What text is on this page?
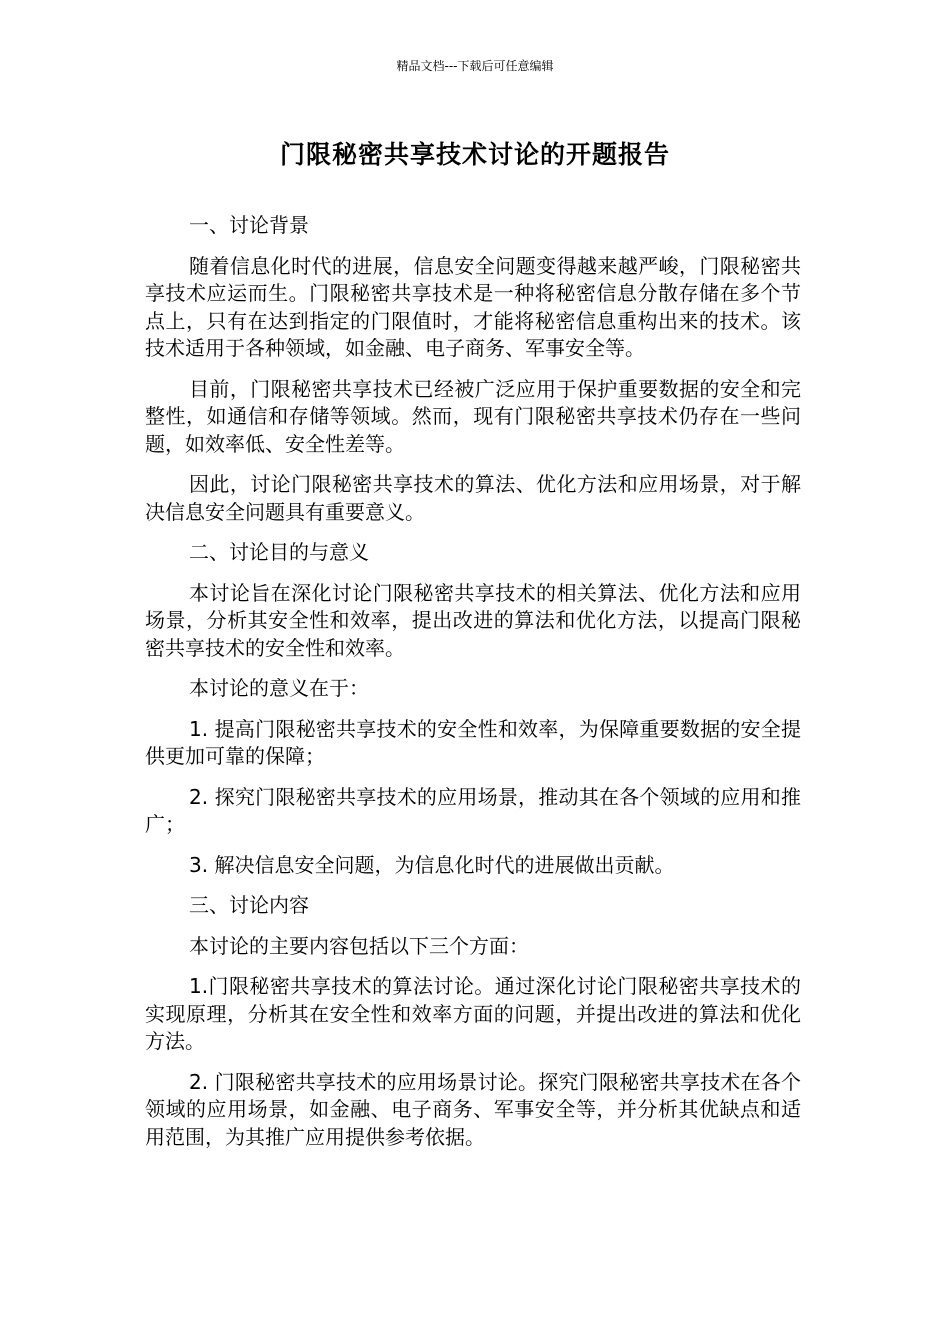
精品文档---下载后可任意编辑
门限秘密共享技术讨论的开题报告

一、讨论背景

随着信息化时代的进展，信息安全问题变得越来越严峻，门限秘密共享技术应运而生。门限秘密共享技术是一种将秘密信息分散存储在多个节点上，只有在达到指定的门限值时，才能将秘密信息重构出来的技术。该技术适用于各种领域，如金融、电子商务、军事安全等。

目前，门限秘密共享技术已经被广泛应用于保护重要数据的安全和完整性，如通信和存储等领域。然而，现有门限秘密共享技术仍存在一些问题，如效率低、安全性差等。

因此，讨论门限秘密共享技术的算法、优化方法和应用场景，对于解决信息安全问题具有重要意义。

二、讨论目的与意义

本讨论旨在深化讨论门限秘密共享技术的相关算法、优化方法和应用场景，分析其安全性和效率，提出改进的算法和优化方法，以提高门限秘密共享技术的安全性和效率。

本讨论的意义在于：

1. 提高门限秘密共享技术的安全性和效率，为保障重要数据的安全提供更加可靠的保障；

2. 探究门限秘密共享技术的应用场景，推动其在各个领域的应用和推广；

3. 解决信息安全问题，为信息化时代的进展做出贡献。

三、讨论内容

本讨论的主要内容包括以下三个方面：

1.门限秘密共享技术的算法讨论。通过深化讨论门限秘密共享技术的实现原理，分析其在安全性和效率方面的问题，并提出改进的算法和优化方法。

2. 门限秘密共享技术的应用场景讨论。探究门限秘密共享技术在各个领域的应用场景，如金融、电子商务、军事安全等，并分析其优缺点和适用范围，为其推广应用提供参考依据。
